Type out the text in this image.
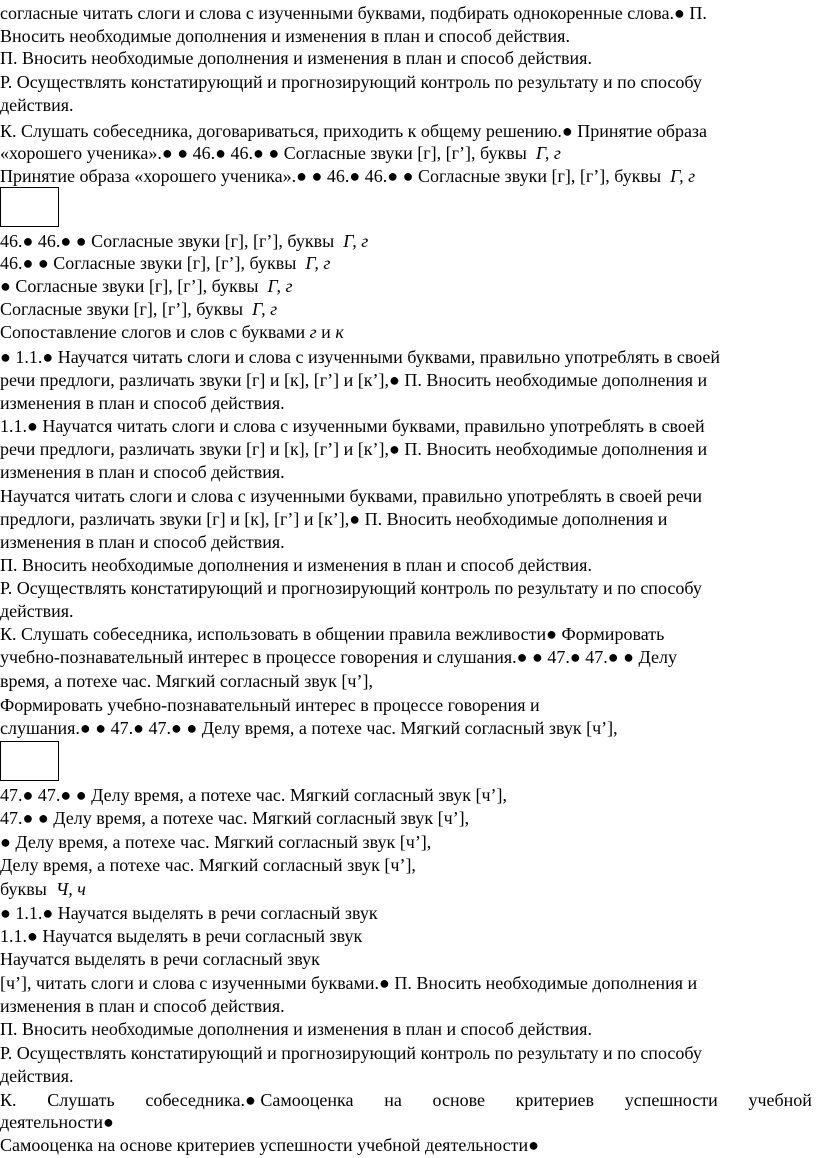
согласные читать слоги и слова с изученными буквами, подбирать однокоренные слова.● П.
Вносить необходимые дополнения и изменения в план и способ действия.
П. Вносить необходимые дополнения и изменения в план и способ действия.
Р. Осуществлять констатирующий и прогнозирующий контроль по результату и по способу
действия.
К. Слушать собеседника, договариваться, приходить к общему решению.● Принятие образа
«хорошего ученика».● ● 46.● 46.● ● Согласные звуки [г], [г’], буквы Г, г
Принятие образа «хорошего ученика».● ● 46.● 46.● ● Согласные звуки [г], [г’], буквы Г, г
46.● 46.● ● Согласные звуки [г], [г’], буквы Г, г
46.● ● Согласные звуки [г], [г’], буквы Г, г
● Согласные звуки [г], [г’], буквы Г, г
Согласные звуки [г], [г’], буквы Г, г
Сопоставление слогов и слов с буквами г и к
● 1.1.● Научатся читать слоги и слова с изученными буквами, правильно употреблять в своей
речи предлоги, различать звуки [г] и [к], [г’] и [к’],● П. Вносить необходимые дополнения и
изменения в план и способ действия.
1.1.● Научатся читать слоги и слова с изученными буквами, правильно употреблять в своей
речи предлоги, различать звуки [г] и [к], [г’] и [к’],● П. Вносить необходимые дополнения и
изменения в план и способ действия.
Научатся читать слоги и слова с изученными буквами, правильно употреблять в своей речи
предлоги, различать звуки [г] и [к], [г’] и [к’],● П. Вносить необходимые дополнения и
изменения в план и способ действия.
П. Вносить необходимые дополнения и изменения в план и способ действия.
Р. Осуществлять констатирующий и прогнозирующий контроль по результату и по способу
действия.
К. Слушать собеседника, использовать в общении правила вежливости● Формировать
учебно-познавательный интерес в процессе говорения и слушания.● ● 47.● 47.● ● Делу
время, а потехе час. Мягкий согласный звук [ч’],
Формировать учебно-познавательный интерес в процессе говорения и
слушания.● ● 47.● 47.● ● Делу время, а потехе час. Мягкий согласный звук [ч’],
47.● 47.● ● Делу время, а потехе час. Мягкий согласный звук [ч’],
47.● ● Делу время, а потехе час. Мягкий согласный звук [ч’],
● Делу время, а потехе час. Мягкий согласный звук [ч’],
Делу время, а потехе час. Мягкий согласный звук [ч’],
буквы Ч, ч
● 1.1.● Научатся выделять в речи согласный звук
1.1.● Научатся выделять в речи согласный звук
Научатся выделять в речи согласный звук
[ч’], читать слоги и слова с изученными буквами.● П. Вносить необходимые дополнения и
изменения в план и способ действия.
П. Вносить необходимые дополнения и изменения в план и способ действия.
Р. Осуществлять констатирующий и прогнозирующий контроль по результату и по способу
действия.
К. Слушать собеседника.● Самооценка на основе критериев успешности учебной
деятельности●
Самооценка на основе критериев успешности учебной деятельности●
